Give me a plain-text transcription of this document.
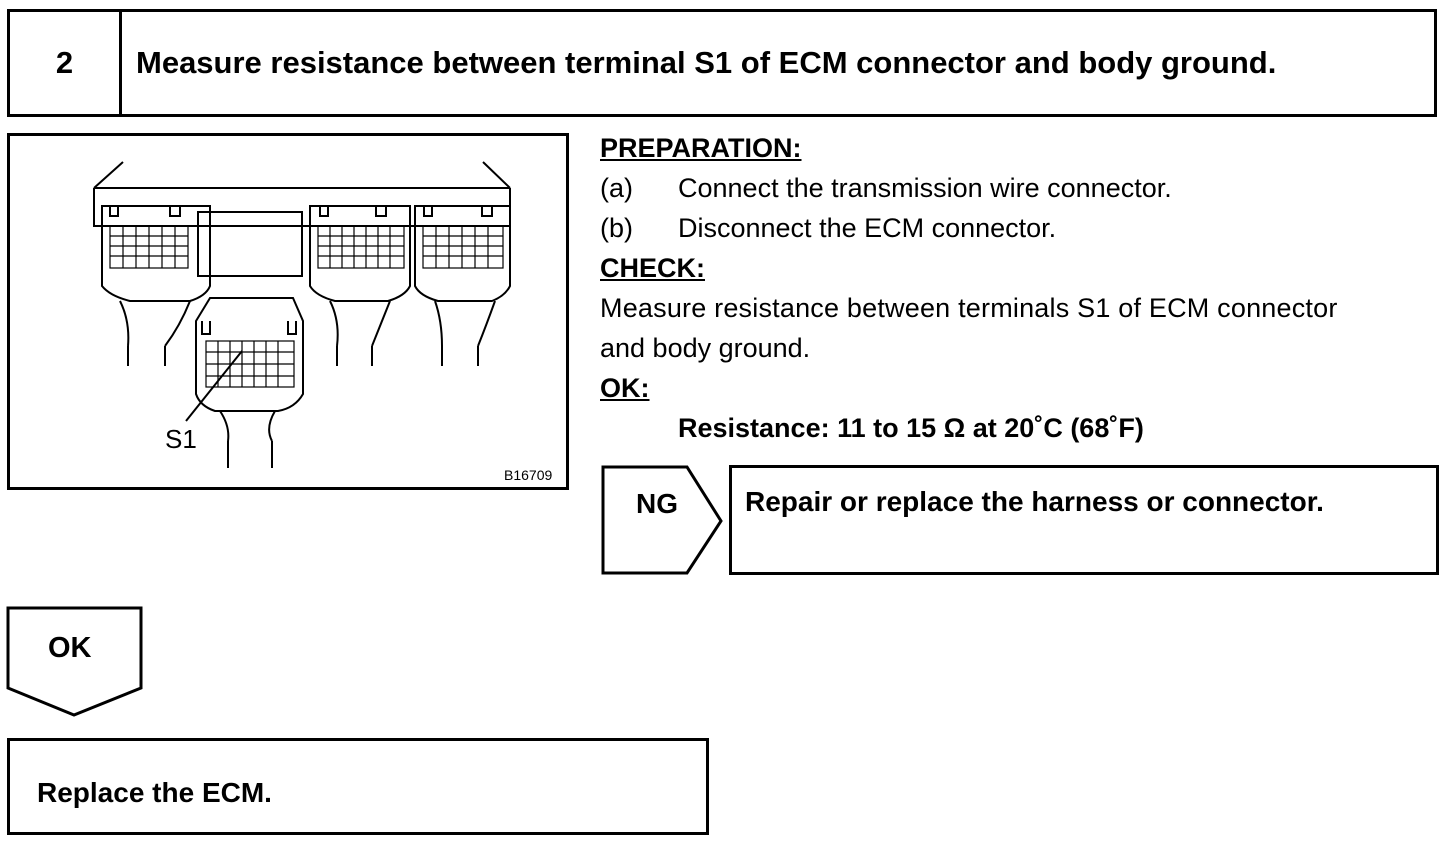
2	Measure resistance between terminal S1 of ECM connector and body ground.
S1
B16709
PREPARATION:
(a) Connect the transmission wire connector.
(b) Disconnect the ECM connector.
CHECK:
Measure resistance between terminals S1 of ECM connector
and body ground.
OK:
Resistance: 11 to 15 Ω at 20˚C (68˚F)
NG Repair or replace the harness or connector.
OK
Replace the ECM.
